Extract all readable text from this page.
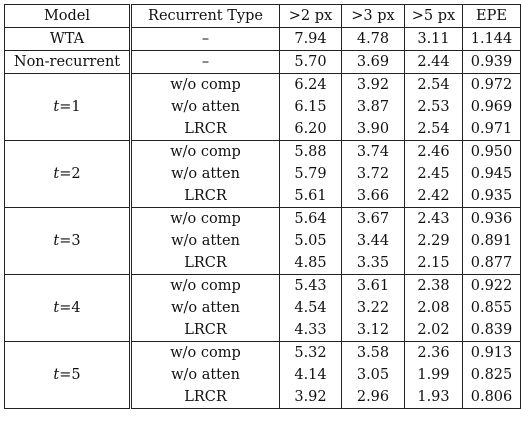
Model	Recurrent Type	>2 px	>3 px	>5 px	EPE
WTA	–	7.94	4.78	3.11	1.144
Non-recurrent	–	5.70	3.69	2.44	0.939
t=1	w/o comp	6.24	3.92	2.54	0.972
	w/o atten	6.15	3.87	2.53	0.969
	LRCR	6.20	3.90	2.54	0.971
t=2	w/o comp	5.88	3.74	2.46	0.950
	w/o atten	5.79	3.72	2.45	0.945
	LRCR	5.61	3.66	2.42	0.935
t=3	w/o comp	5.64	3.67	2.43	0.936
	w/o atten	5.05	3.44	2.29	0.891
	LRCR	4.85	3.35	2.15	0.877
t=4	w/o comp	5.43	3.61	2.38	0.922
	w/o atten	4.54	3.22	2.08	0.855
	LRCR	4.33	3.12	2.02	0.839
t=5	w/o comp	5.32	3.58	2.36	0.913
	w/o atten	4.14	3.05	1.99	0.825
	LRCR	3.92	2.96	1.93	0.806
